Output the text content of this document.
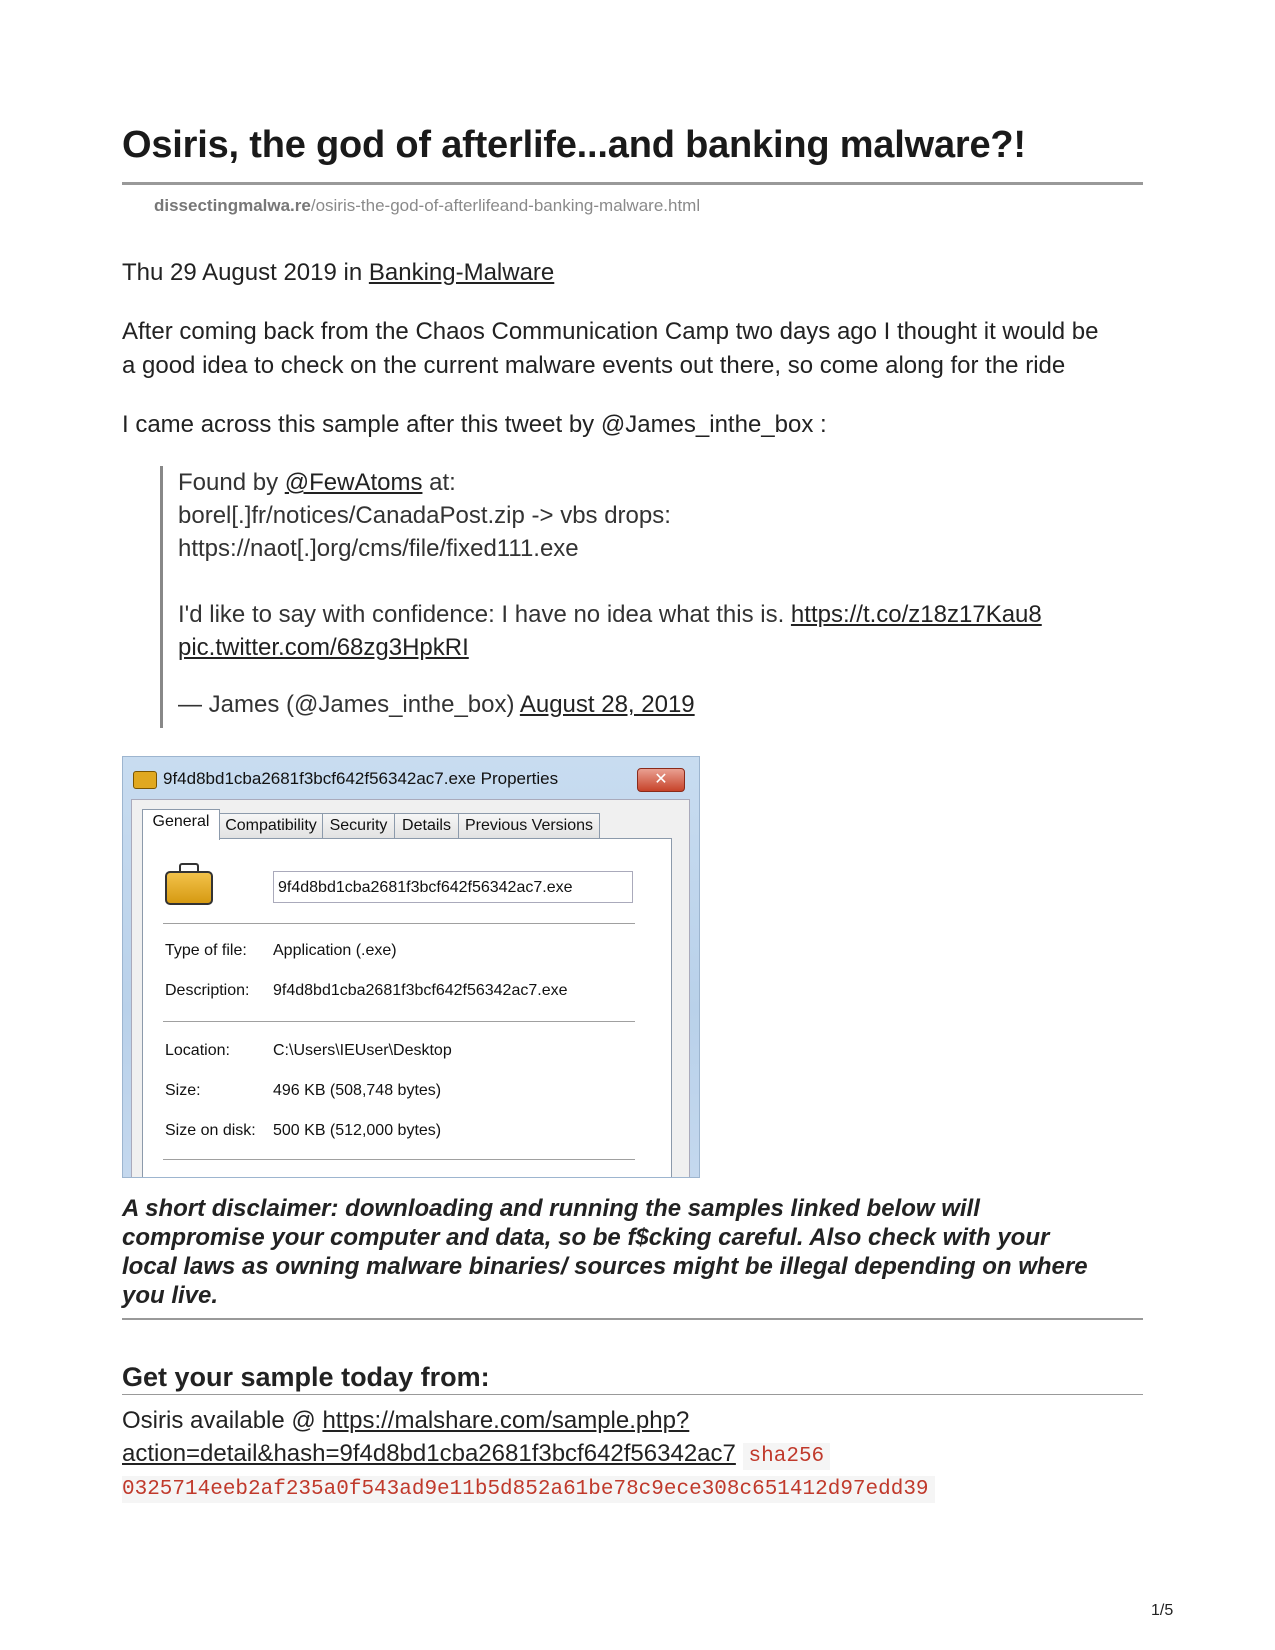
Osiris, the god of afterlife...and banking malware?!
dissectingmalwa.re/osiris-the-god-of-afterlifeand-banking-malware.html
Thu 29 August 2019 in Banking-Malware
After coming back from the Chaos Communication Camp two days ago I thought it would be
a good idea to check on the current malware events out there, so come along for the ride
I came across this sample after this tweet by @James_inthe_box :
Found by @FewAtoms at:
borel[.]fr/notices/CanadaPost.zip -> vbs drops:
https://naot[.]org/cms/file/fixed111.exe
I'd like to say with confidence: I have no idea what this is. https://t.co/z18z17Kau8
pic.twitter.com/68zg3HpkRI
— James (@James_inthe_box) August 28, 2019
9f4d8bd1cba2681f3bcf642f56342ac7.exe Properties	✕
General Compatibility Security Details Previous Versions
9f4d8bd1cba2681f3bcf642f56342ac7.exe
Type of file: Application (.exe)
Description: 9f4d8bd1cba2681f3bcf642f56342ac7.exe
Location:	C:\Users\IEUser\Desktop
Size:	496 KB (508,748 bytes)
Size on disk: 500 KB (512,000 bytes)
A short disclaimer: downloading and running the samples linked below will
compromise your computer and data, so be f$cking careful. Also check with your
local laws as owning malware binaries/ sources might be illegal depending on where
you live.
Get your sample today from:
Osiris available @ https://malshare.com/sample.php?
action=detail&hash=9f4d8bd1cba2681f3bcf642f56342ac7 sha256
0325714eeb2af235a0f543ad9e11b5d852a61be78c9ece308c651412d97edd39
1/5
